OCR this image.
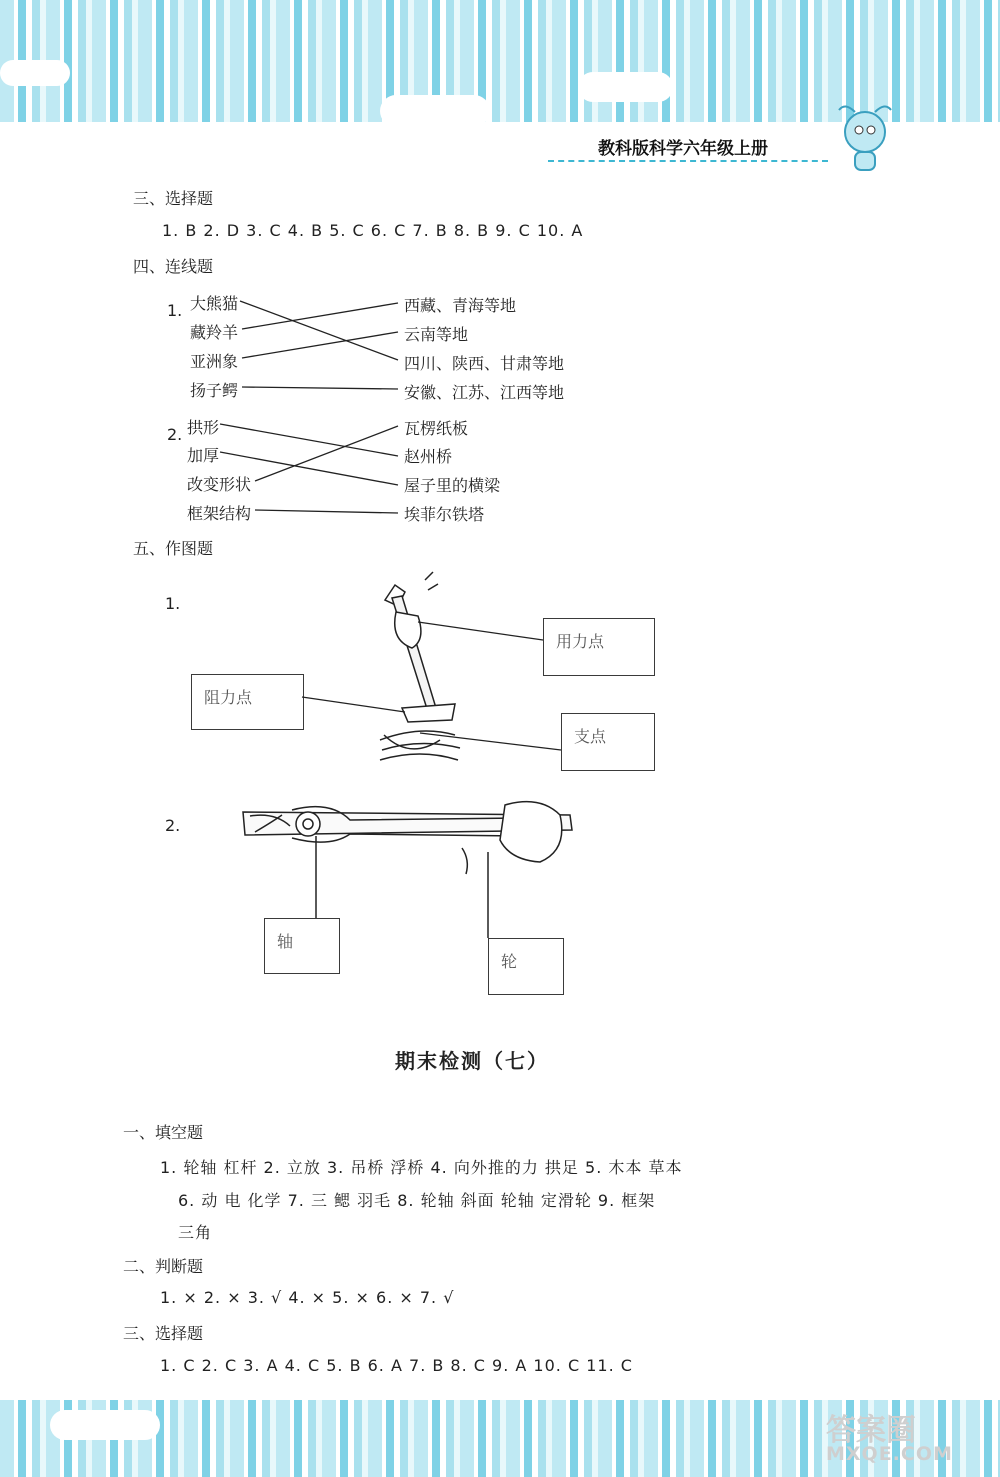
教科版科学六年级上册
三、选择题
1. B 2. D 3. C 4. B 5. C 6. C 7. B 8. B 9. C 10. A
四、连线题
1. 大熊猫
藏羚羊
亚洲象
扬子鳄
西藏、青海等地
云南等地
四川、陕西、甘肃等地
安徽、江苏、江西等地
2. 拱形
加厚
改变形状
框架结构
瓦楞纸板
赵州桥
屋子里的横梁
埃菲尔铁塔
五、作图题
1.
2.
用力点
阻力点
支点
轴
轮
期末检测（七）
一、填空题
1. 轮轴 杠杆 2. 立放 3. 吊桥 浮桥 4. 向外推的力 拱足 5. 木本 草本
6. 动 电 化学 7. 三 鳃 羽毛 8. 轮轴 斜面 轮轴 定滑轮 9. 框架
三角
二、判断题
1. × 2. × 3. √ 4. × 5. × 6. × 7. √
三、选择题
1. C 2. C 3. A 4. C 5. B 6. A 7. B 8. C 9. A 10. C 11. C
答案圈
MXQE.COM
